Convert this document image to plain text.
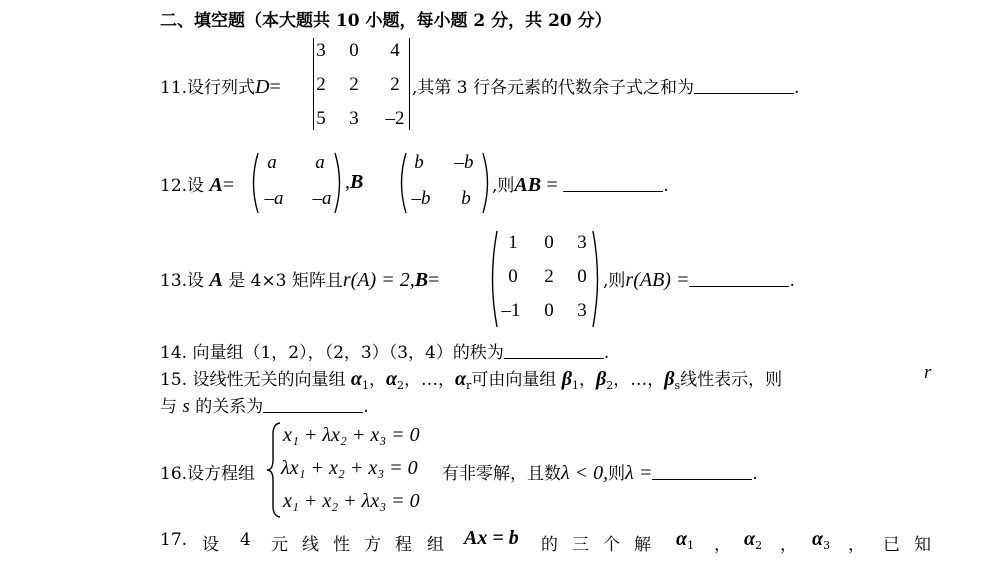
二、填空题（本大题共 10 小题，每小题 2 分，共 20 分）
11.设行列式D=
3	0	4
2	2	2
5	3	–2
,其第 3 行各元素的代数余子式之和为	.
12.设 A=
a	a
–a	–a
,B
b	–b
–b	b
,则AB =	.
13.设 A 是 4×3 矩阵且r(A) = 2,B=
1	0	3
0	2	0
–1	0	3
,则r(AB) =	.
14. 向量组（1，2），（2，3）（3，4）的秩为	.
15. 设线性无关的向量组 $\alpha_1$，$\alpha_2$，…，$\alpha_r$可由向量组 $\beta_1$，$\beta_2$，…，$\beta_s$线性表示，则	r
与 s 的关系为	.
16.设方程组
x₁ + λx₂ + x₃ = 0
λx₁ + x₂ + x₃ = 0
x₁ + x₂ + λx₃ = 0
有非零解，且数λ < 0,则λ =	.
17. 设 4 元 线 性 方 程 组 Ax = b 的 三 个 解 $\alpha_1$ ， $\alpha_2$ ， $\alpha_3$ ， 已 知
